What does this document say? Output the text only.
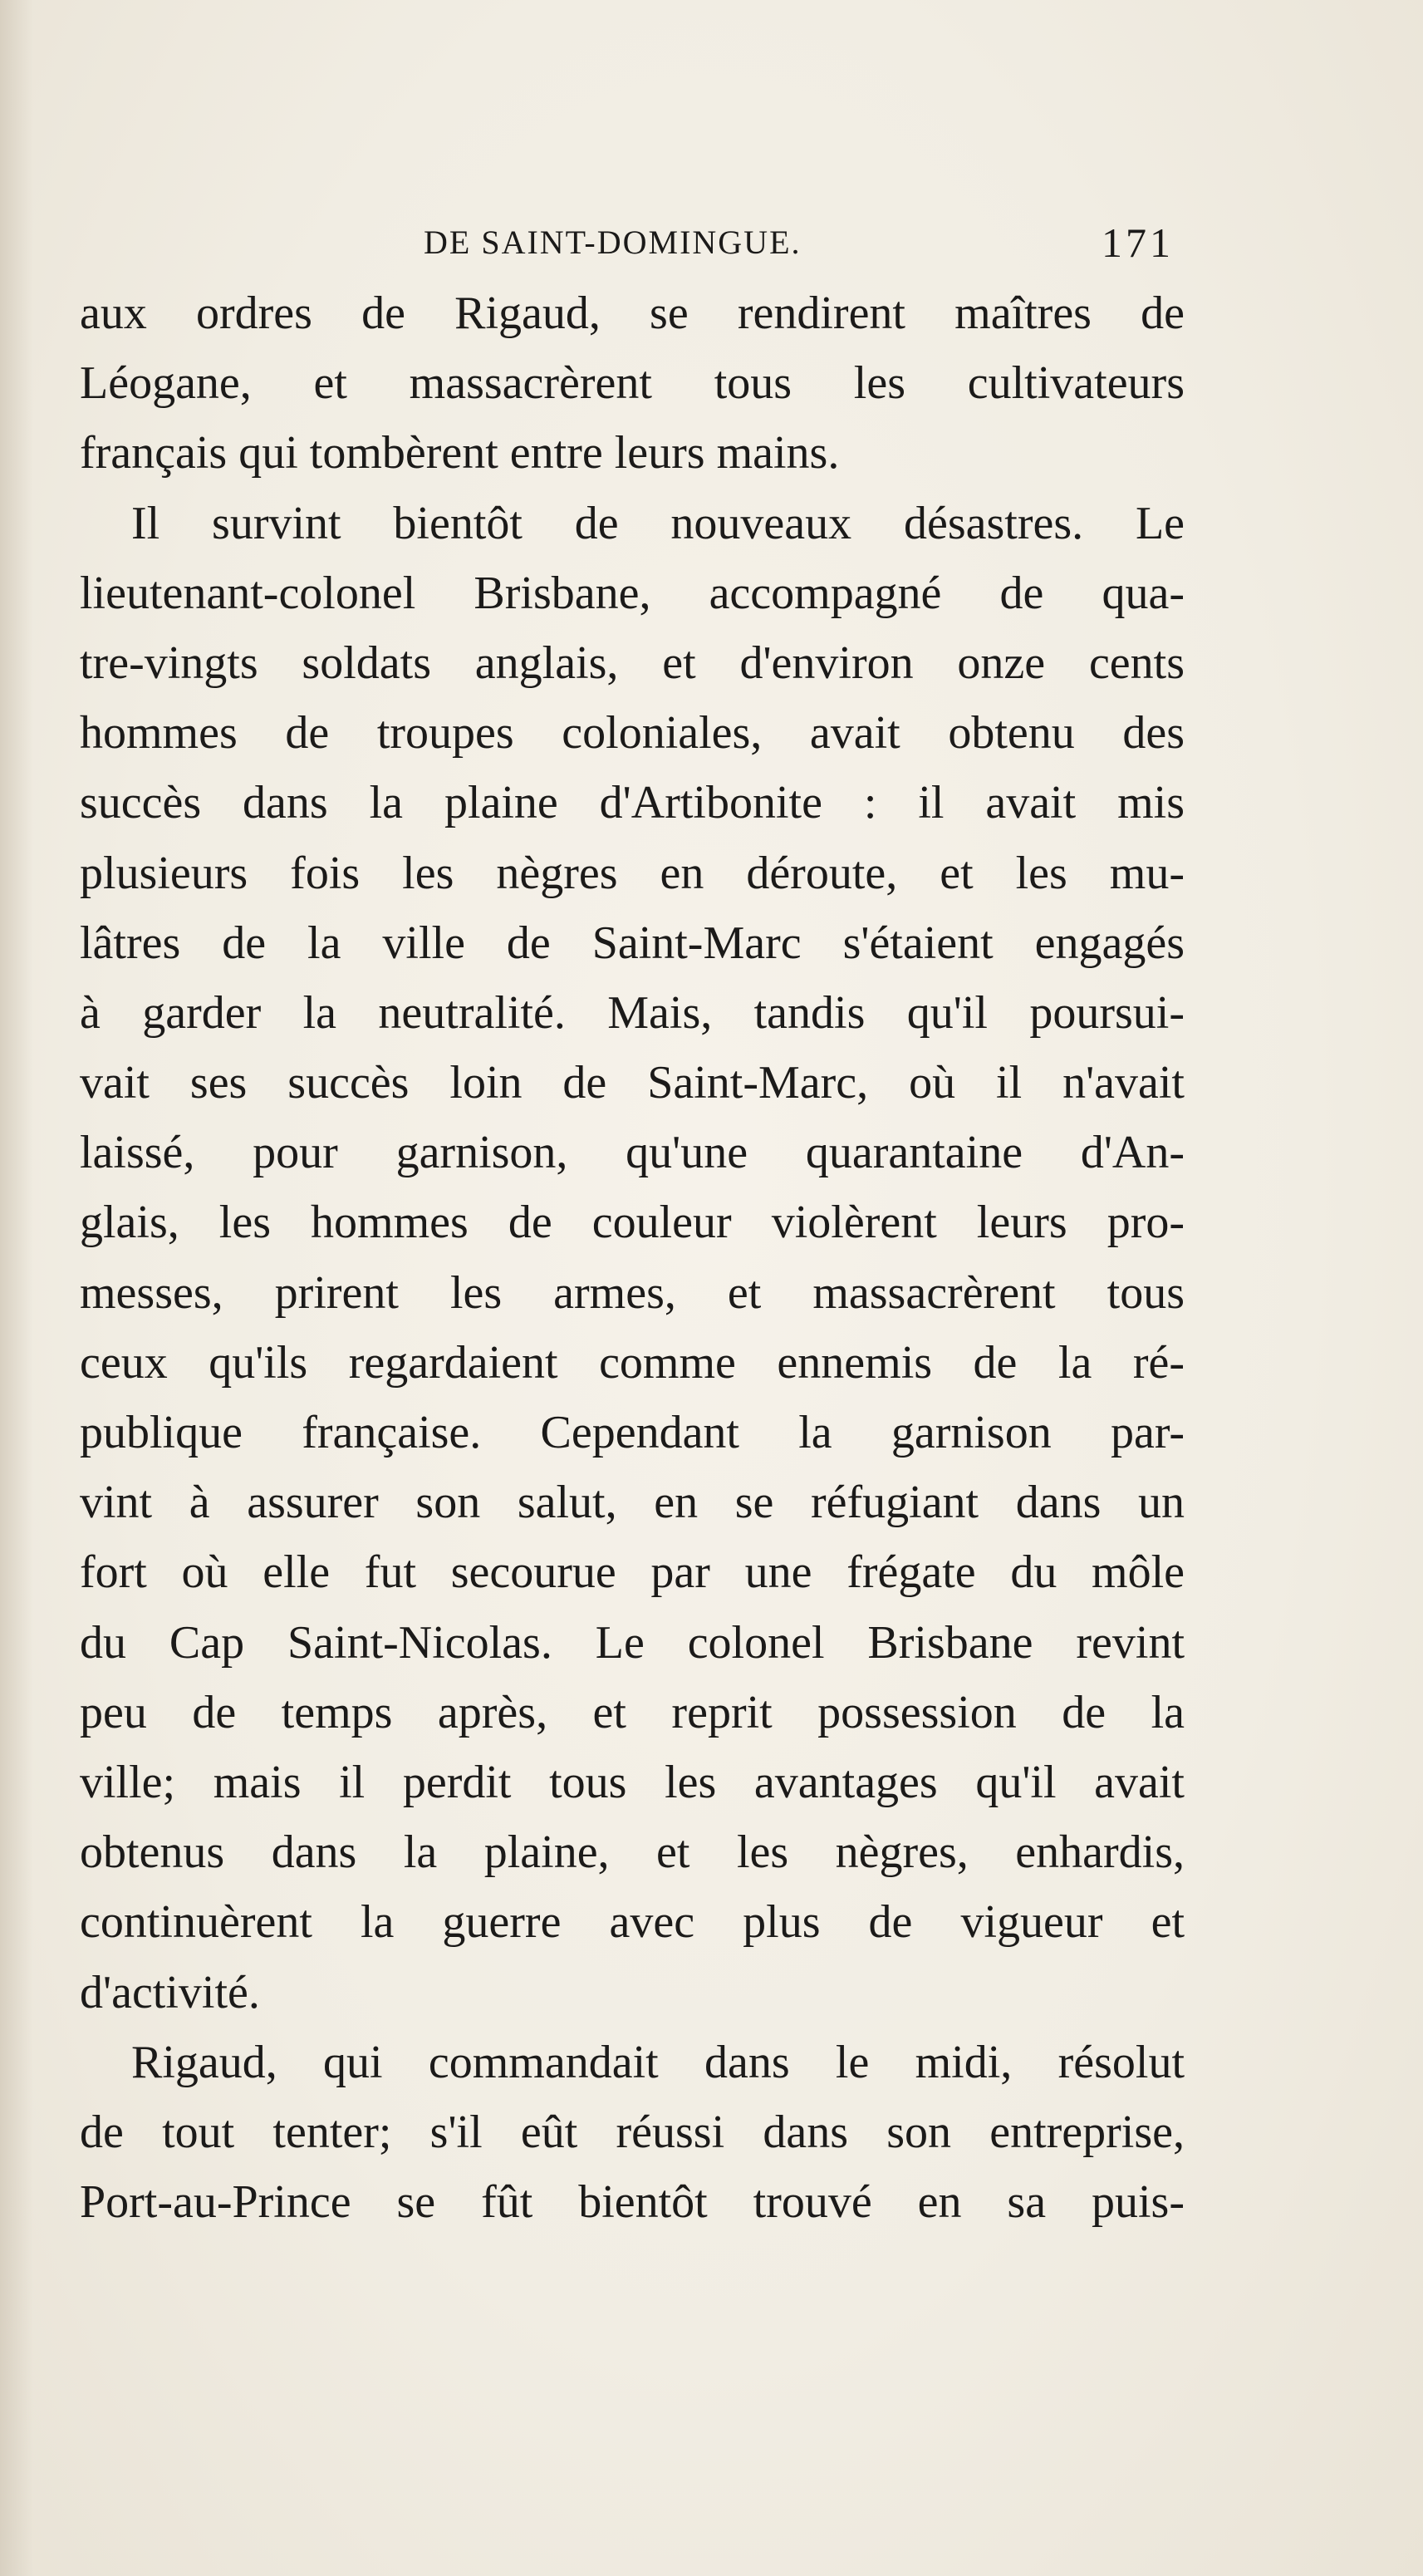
DE SAINT-DOMINGUE.	171
aux ordres de Rigaud, se rendirent maîtres de
Léogane, et massacrèrent tous les cultivateurs
français qui tombèrent entre leurs mains.
Il survint bientôt de nouveaux désastres. Le
lieutenant-colonel Brisbane, accompagné de qua-
tre-vingts soldats anglais, et d'environ onze cents
hommes de troupes coloniales, avait obtenu des
succès dans la plaine d'Artibonite : il avait mis
plusieurs fois les nègres en déroute, et les mu-
lâtres de la ville de Saint-Marc s'étaient engagés
à garder la neutralité. Mais, tandis qu'il poursui-
vait ses succès loin de Saint-Marc, où il n'avait
laissé, pour garnison, qu'une quarantaine d'An-
glais, les hommes de couleur violèrent leurs pro-
messes, prirent les armes, et massacrèrent tous
ceux qu'ils regardaient comme ennemis de la ré-
publique française. Cependant la garnison par-
vint à assurer son salut, en se réfugiant dans un
fort où elle fut secourue par une frégate du môle
du Cap Saint-Nicolas. Le colonel Brisbane revint
peu de temps après, et reprit possession de la
ville; mais il perdit tous les avantages qu'il avait
obtenus dans la plaine, et les nègres, enhardis,
continuèrent la guerre avec plus de vigueur et
d'activité.
Rigaud, qui commandait dans le midi, résolut
de tout tenter; s'il eût réussi dans son entreprise,
Port-au-Prince se fût bientôt trouvé en sa puis-
